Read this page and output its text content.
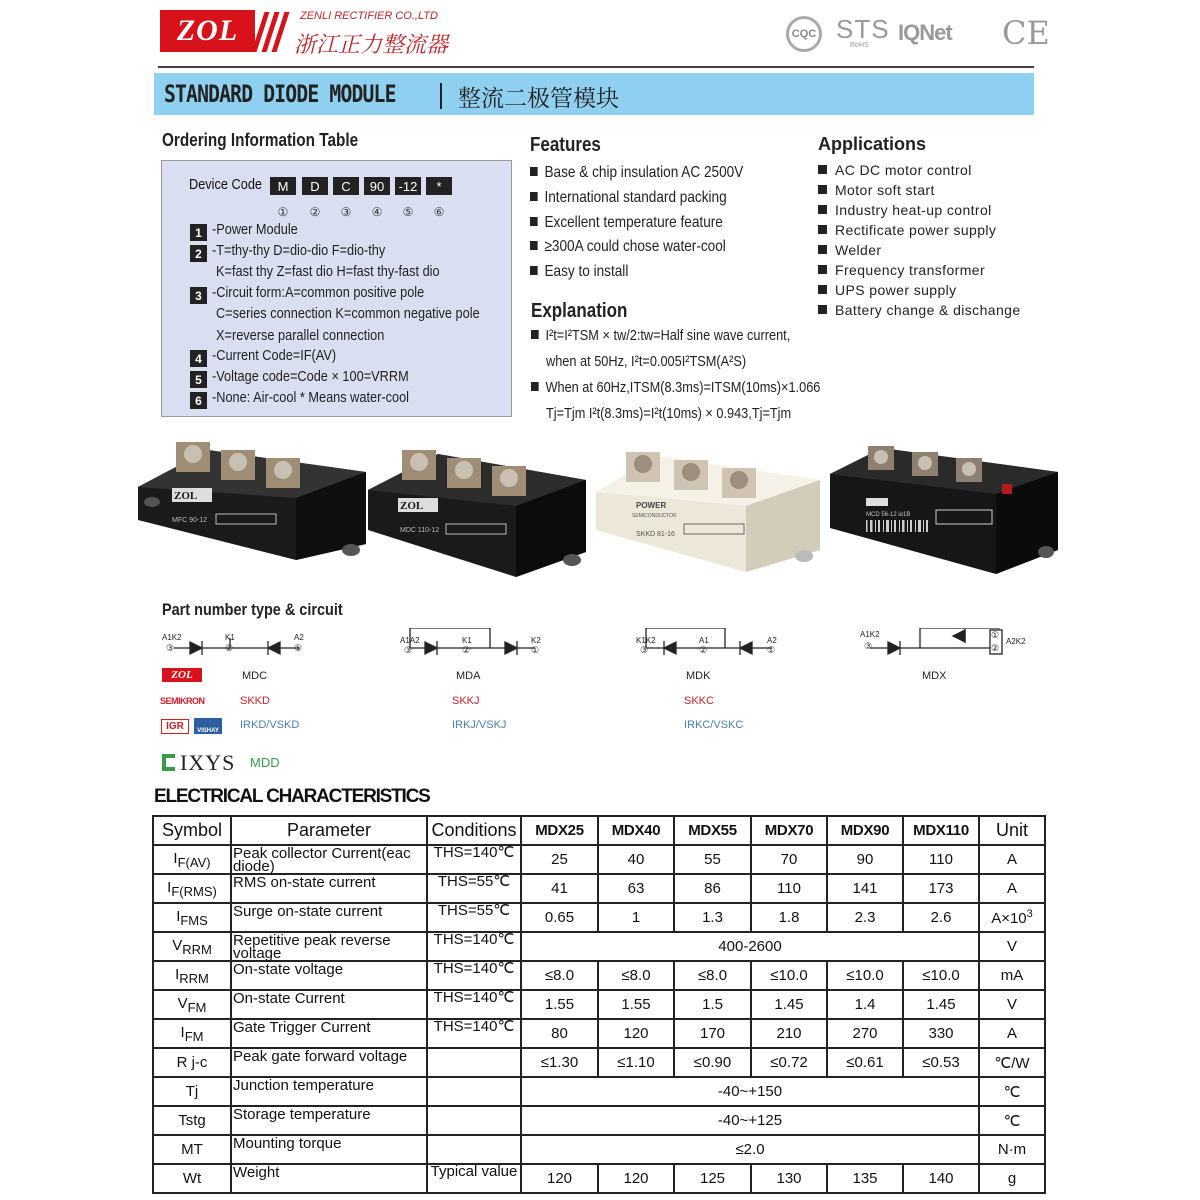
ZOL	ZENLI RECTIFIER CO.,LTD
浙江正力整流器	CQC STS
RoHS
IQNet CE
STANDARD DIODE MODULE	整流二极管模块
Ordering Information Table
Device Code	M	D	C	90	-12	*
①	②	③	④	⑤	⑥
1 -Power Module
2 -T=thy-thy D=dio-dio F=dio-thy
K=fast thy Z=fast dio H=fast thy-fast dio
3 -Circuit form:A=common positive pole
C=series connection K=common negative pole
X=reverse parallel connection
4 -Current Code=IF(AV)
5 -Voltage code=Code × 100=VRRM
6 -None: Air-cool * Means water-cool
Features
Base & chip insulation AC 2500V
International standard packing
Excellent temperature feature
≥300A could chose water-cool
Easy to install
Explanation
I²t=I²TSM × tw/2:tw=Half sine wave current,
when at 50Hz, I²t=0.005I²TSM(A²S)
When at 60Hz,ITSM(8.3ms)=ITSM(10ms)×1.066
Tj=Tjm I²t(8.3ms)=I²t(10ms) × 0.943,Tj=Tjm
Applications
AC DC motor control
Motor soft start
Industry heat-up control
Rectificate power supply
Welder
Frequency transformer
UPS power supply
Battery change & dischange
ZOL
MFC 90-12
ZOL
MDC 110-12
POWER
SEMICONDUCTOR
SKKD 81-16
MCD 56-12 io1B
Part number type & circuit
A1K2	K1	A2
③	②	①
A1A2	K1	K2
③	②	①
K1K2	A1	A2
③	②	①
A1K2
A2K2
③
①
②
ZOL	MDC	MDA	MDK	MDX
SEMIKRON	SKKD	SKKJ	SKKC
IGR	VISHAY IRKD/VSKD	IRKJ/VSKJ	IRKC/VSKC
IXYS MDD
ELECTRICAL CHARACTERISTICS
Symbol	Parameter	Conditions	MDX25	MDX40	MDX55	MDX70	MDX90	MDX110	Unit
$I_{F(AV)}$	Peak collector Current(eac diode)	THS=140℃	25	40	55	70	90	110	A
$I_{F(RMS)}$	RMS on-state current	THS=55℃	41	63	86	110	141	173	A
$I_{FMS}$	Surge on-state current	THS=55℃	0.65	1	1.3	1.8	2.3	2.6	$A\times 10^3$
$V_{RRM}$	Repetitive peak reverse voltage	THS=140℃	400-2600						V
$I_{RRM}$	On-state voltage	THS=140℃	≤8.0	≤8.0	≤8.0	≤10.0	≤10.0	≤10.0	mA
$V_{FM}$	On-state Current	THS=140℃	1.55	1.55	1.5	1.45	1.4	1.45	V
$I_{FM}$	Gate Trigger Current	THS=140℃	80	120	170	210	270	330	A
R j-c	Peak gate forward voltage		≤1.30	≤1.10	≤0.90	≤0.72	≤0.61	≤0.53	℃/W
Tj	Junction temperature		-40~+150						℃
Tstg	Storage temperature		-40~+125						℃
MT	Mounting torque		≤2.0						N·m
Wt	Weight	Typical value	120	120	125	130	135	140	g
